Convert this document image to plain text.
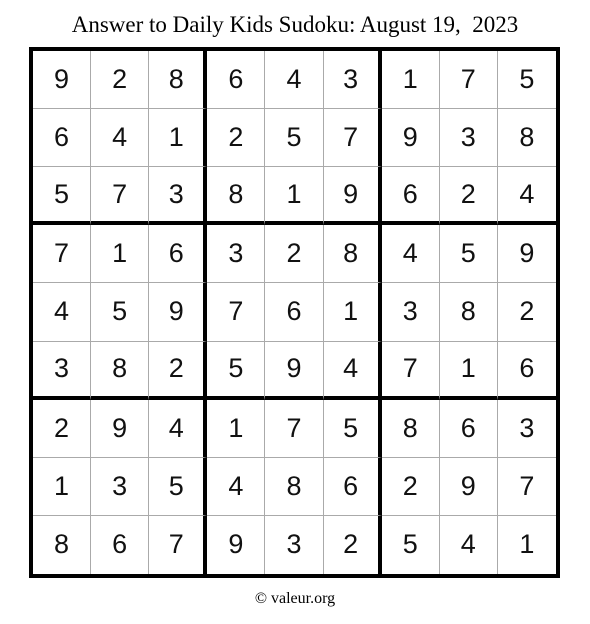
Answer to Daily Kids Sudoku: August 19,  2023
9	2	8	6	4	3	1	7	5
6	4	1	2	5	7	9	3	8
5	7	3	8	1	9	6	2	4
7	1	6	3	2	8	4	5	9
4	5	9	7	6	1	3	8	2
3	8	2	5	9	4	7	1	6
2	9	4	1	7	5	8	6	3
1	3	5	4	8	6	2	9	7
8	6	7	9	3	2	5	4	1
© valeur.org
